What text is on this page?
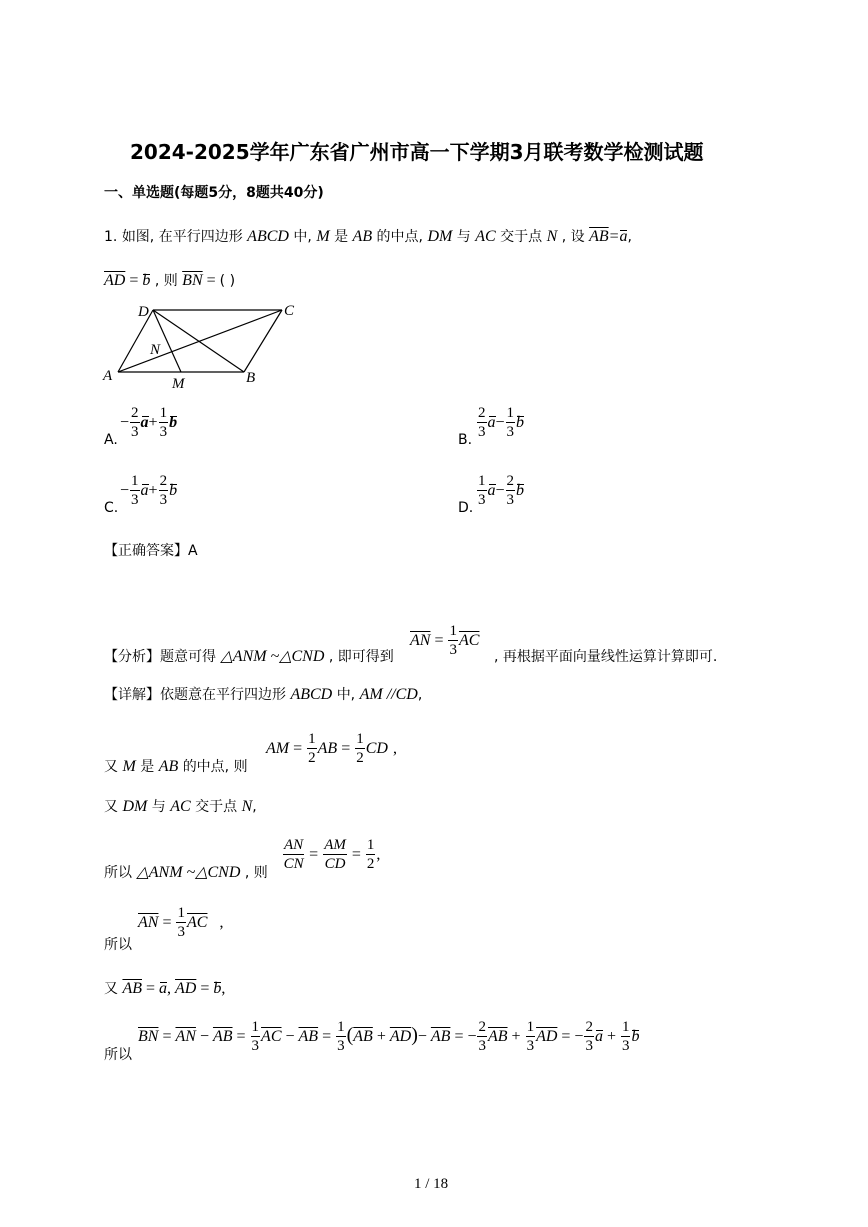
2024-2025学年广东省广州市高一下学期3月联考数学检测试题
一、单选题(每题5分，8题共40分)
1. 如图, 在平行四边形 ABCD 中, M 是 AB 的中点, DM 与 AC 交于点 N , 设 $\overline{AB}=a$,
$\overline{AD} = b$ , 则 $\overline{BN}$ = ( )
A	B
C
D
M
N
A.
− $\frac{2}{3} a+ \frac{1}{3}$ b
B. $\frac{2}{3} a- \frac{1}{3}$ b
C.
− $\frac{1}{3} a+ \frac{2}{3}$ b
D. $\frac{1}{3} a- \frac{2}{3}$ b
【正确答案】A
【分析】题意可得 △ANM ~△CND , 即可得到
$\overline{AN} = \frac{1}{3} \overline{AC}$
, 再根据平面向量线性运算计算即可.
【详解】依题意在平行四边形 ABCD 中, AM //CD,
又 M 是 AB 的中点, 则
AM = $\frac{1}{2}$ AB = $\frac{1}{2}$ CD ,
又 DM 与 AC 交于点 N,
所以 △ANM ~△CND , 则 $\frac{AN}{CN} = \frac{AM}{CD} = \frac{1}{2}$ ,
所以
$\overline{AN} = \frac{1}{3} \overline{AC}$ ,
又 $\overline{AB} = a$, $\overline{AD} = b$,
所以
$\overline{BN} = \overline{AN} - \overline{AB} = \frac{1}{3} \overline{AC} - \overline{AB} = \frac{1}{3} (\overline{AB} + \overline{AD})- \overline{AB}$ = − $\frac{2}{3} \overline{AB} + \frac{1}{3} \overline{AD}$ = − $\frac{2}{3}$ $a + \frac{1}{3}$ b
1 / 18
